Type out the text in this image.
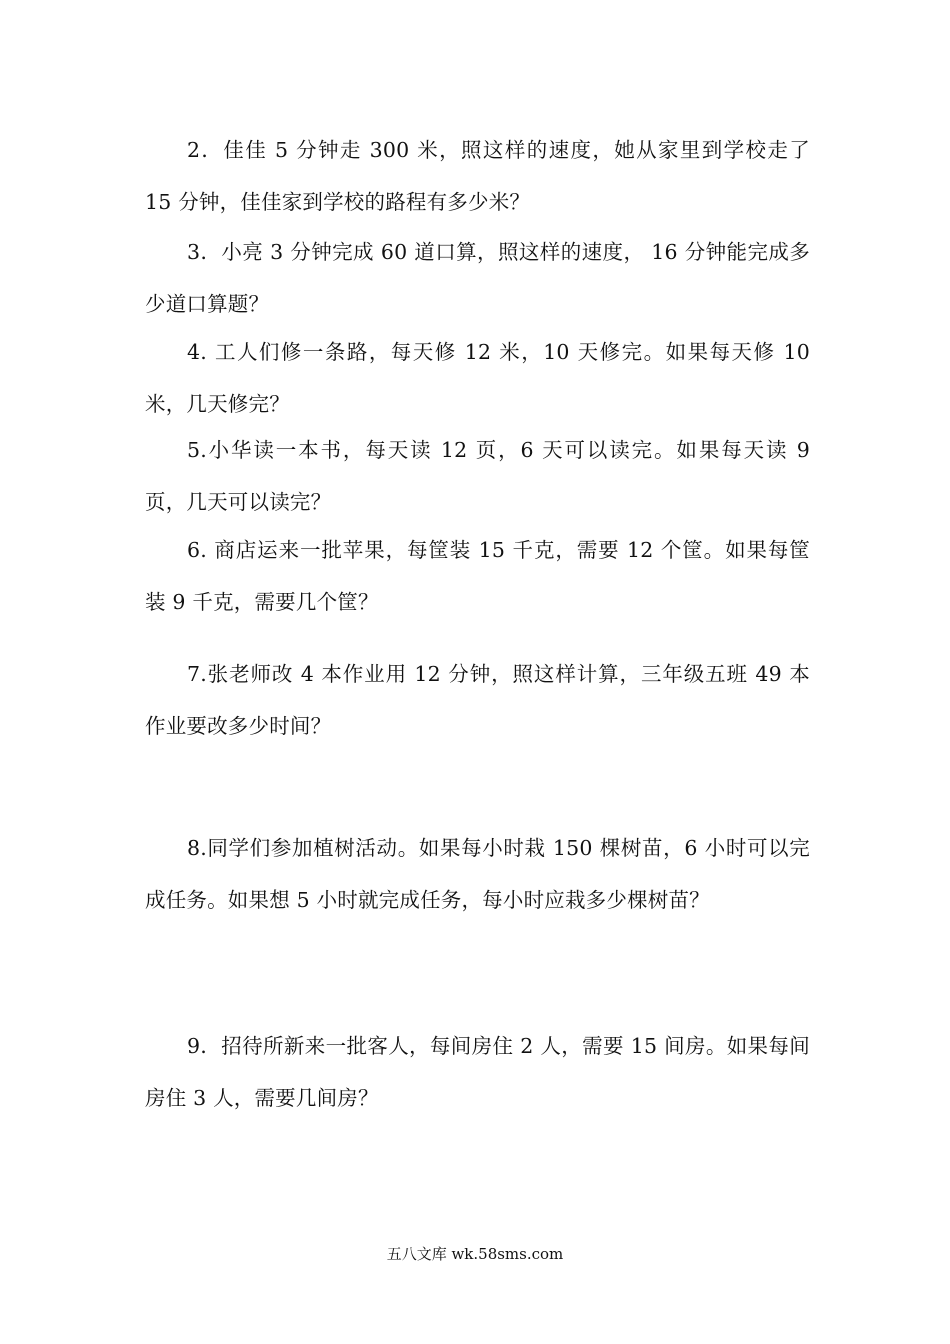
2．佳佳 5 分钟走 300 米，照这样的速度，她从家里到学校走了 15 分钟，佳佳家到学校的路程有多少米？

3．小亮 3 分钟完成 60 道口算，照这样的速度， 16 分钟能完成多少道口算题？

4. 工人们修一条路，每天修 12 米，10 天修完。如果每天修 10 米，几天修完？

5.小华读一本书，每天读 12 页，6 天可以读完。如果每天读 9 页，几天可以读完？

6. 商店运来一批苹果，每筐装 15 千克，需要 12 个筐。如果每筐装 9 千克，需要几个筐？

7.张老师改 4 本作业用 12 分钟，照这样计算，三年级五班 49 本作业要改多少时间？

8.同学们参加植树活动。如果每小时栽 150 棵树苗，6 小时可以完成任务。如果想 5 小时就完成任务，每小时应栽多少棵树苗？

9．招待所新来一批客人，每间房住 2 人，需要 15 间房。如果每间房住 3 人，需要几间房？

五八文库 wk.58sms.com
